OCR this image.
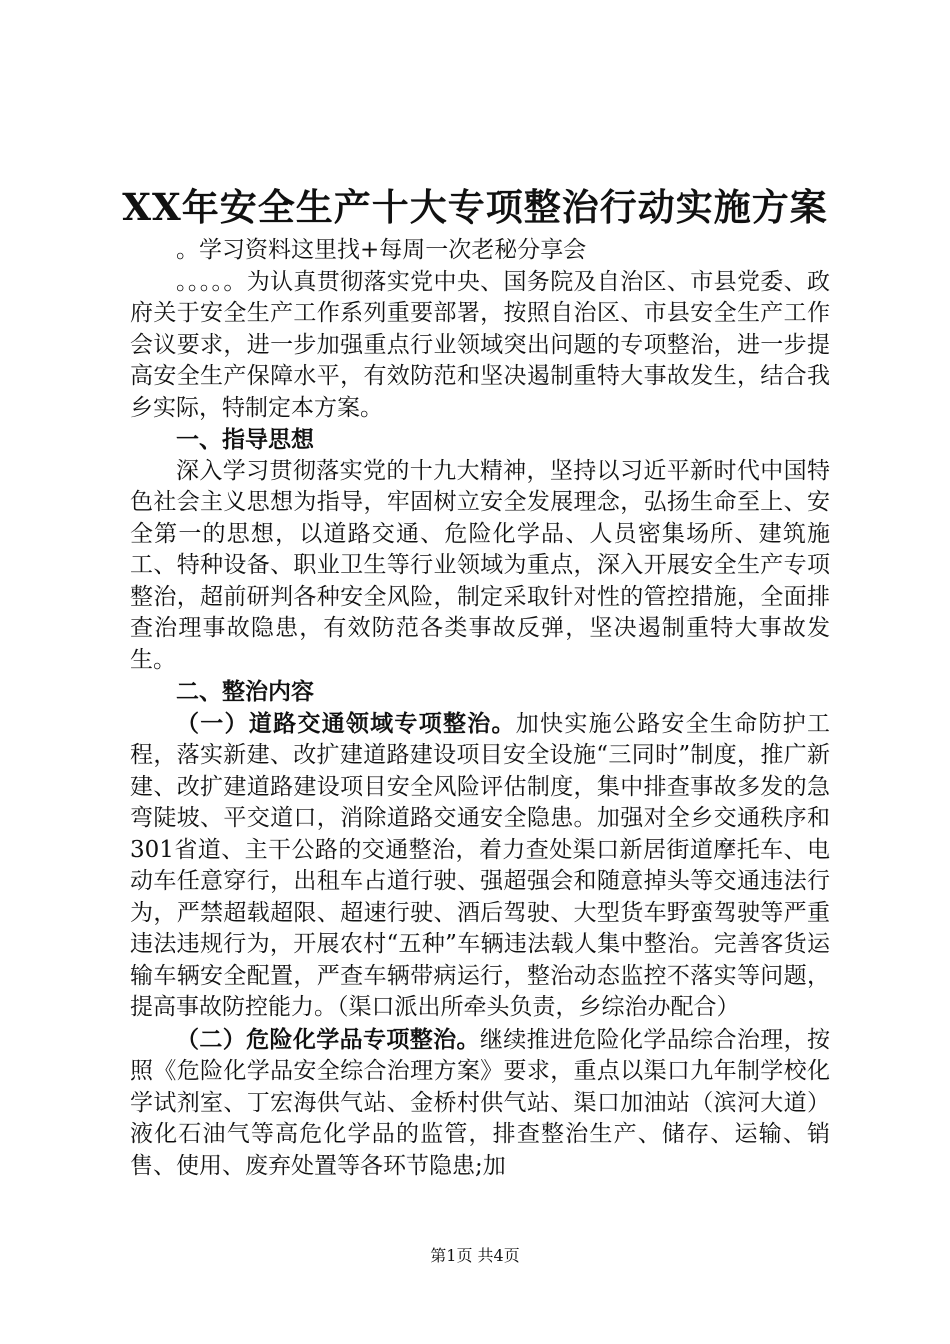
XX年安全生产十大专项整治行动实施方案

。学习资料这里找+每周一次老秘分享会

。。。。。为认真贯彻落实党中央、国务院及自治区、市县党委、政府关于安全生产工作系列重要部署，按照自治区、市县安全生产工作会议要求，进一步加强重点行业领域突出问题的专项整治，进一步提高安全生产保障水平，有效防范和坚决遏制重特大事故发生，结合我乡实际，特制定本方案。

一、指导思想

深入学习贯彻落实党的十九大精神，坚持以习近平新时代中国特色社会主义思想为指导，牢固树立安全发展理念，弘扬生命至上、安全第一的思想，以道路交通、危险化学品、人员密集场所、建筑施工、特种设备、职业卫生等行业领域为重点，深入开展安全生产专项整治，超前研判各种安全风险，制定采取针对性的管控措施，全面排查治理事故隐患，有效防范各类事故反弹，坚决遏制重特大事故发生。

二、整治内容

（一）道路交通领域专项整治。加快实施公路安全生命防护工程，落实新建、改扩建道路建设项目安全设施“三同时”制度，推广新建、改扩建道路建设项目安全风险评估制度，集中排查事故多发的急弯陡坡、平交道口，消除道路交通安全隐患。加强对全乡交通秩序和301省道、主干公路的交通整治，着力查处渠口新居街道摩托车、电动车任意穿行，出租车占道行驶、强超强会和随意掉头等交通违法行为，严禁超载超限、超速行驶、酒后驾驶、大型货车野蛮驾驶等严重违法违规行为，开展农村“五种”车辆违法载人集中整治。完善客货运输车辆安全配置，严查车辆带病运行，整治动态监控不落实等问题，提高事故防控能力。（渠口派出所牵头负责，乡综治办配合）

（二）危险化学品专项整治。继续推进危险化学品综合治理，按照《危险化学品安全综合治理方案》要求，重点以渠口九年制学校化学试剂室、丁宏海供气站、金桥村供气站、渠口加油站（滨河大道）液化石油气等高危化学品的监管，排查整治生产、储存、运输、销售、使用、废弃处置等各环节隐患;加

第1页 共4页
